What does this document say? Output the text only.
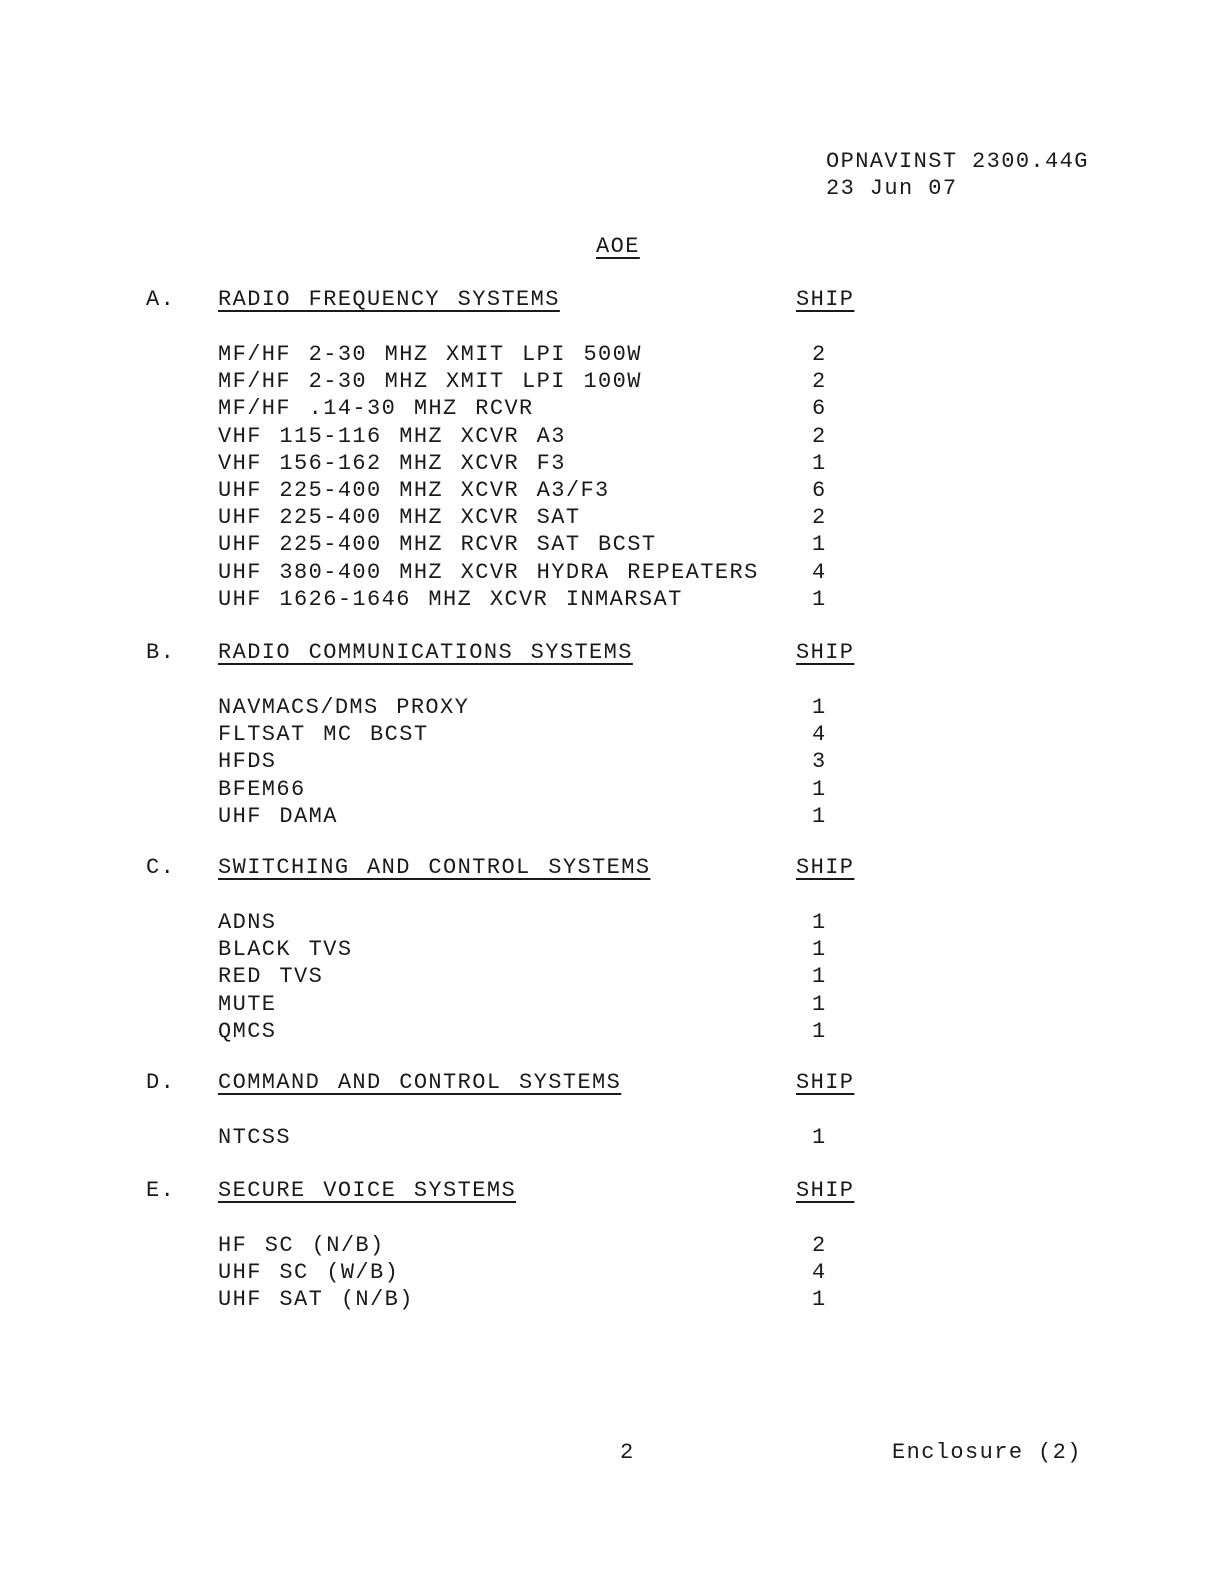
OPNAVINST 2300.44G
23 Jun 07
AOE
A. RADIO FREQUENCY SYSTEMS	SHIP
MF/HF 2-30 MHZ XMIT LPI 500W	2
MF/HF 2-30 MHZ XMIT LPI 100W	2
MF/HF .14-30 MHZ RCVR	6
VHF 115-116 MHZ XCVR A3	2
VHF 156-162 MHZ XCVR F3	1
UHF 225-400 MHZ XCVR A3/F3	6
UHF 225-400 MHZ XCVR SAT	2
UHF 225-400 MHZ RCVR SAT BCST	1
UHF 380-400 MHZ XCVR HYDRA REPEATERS 4
UHF 1626-1646 MHZ XCVR INMARSAT	1
B. RADIO COMMUNICATIONS SYSTEMS	SHIP
NAVMACS/DMS PROXY	1
FLTSAT MC BCST	4
HFDS	3
BFEM66	1
UHF DAMA	1
C. SWITCHING AND CONTROL SYSTEMS	SHIP
ADNS	1
BLACK TVS	1
RED TVS	1
MUTE	1
QMCS	1
D. COMMAND AND CONTROL SYSTEMS	SHIP
NTCSS	1
E. SECURE VOICE SYSTEMS	SHIP
HF SC (N/B)	2
UHF SC (W/B)	4
UHF SAT (N/B)	1
2	Enclosure (2)
